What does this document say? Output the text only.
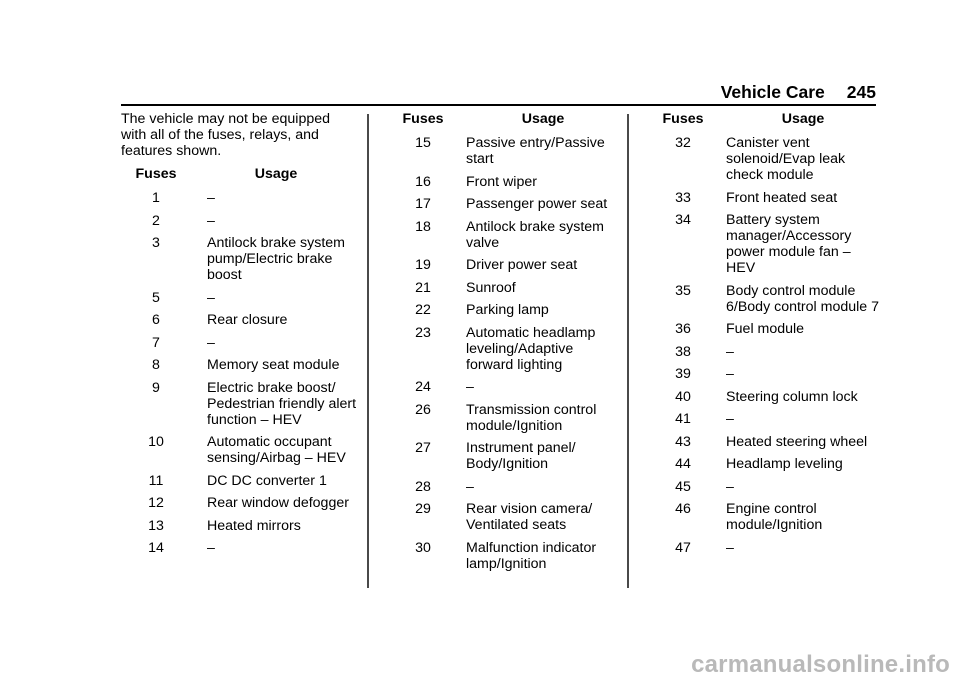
Vehicle Care 245
The vehicle may not be equipped with all of the fuses, relays, and features shown.
Fuses	Usage
1	–
2	–
3	Antilock brake system pump/Electric brake boost
5	–
6	Rear closure
7	–
8	Memory seat module
9	Electric brake boost/ Pedestrian friendly alert function – HEV
10	Automatic occupant sensing/Airbag – HEV
11	DC DC converter 1
12	Rear window defogger
13	Heated mirrors
14	–
Fuses	Usage
15	Passive entry/Passive start
16	Front wiper
17	Passenger power seat
18	Antilock brake system valve
19	Driver power seat
21	Sunroof
22	Parking lamp
23	Automatic headlamp leveling/Adaptive forward lighting
24	–
26	Transmission control module/Ignition
27	Instrument panel/ Body/Ignition
28	–
29	Rear vision camera/ Ventilated seats
30	Malfunction indicator lamp/Ignition
Fuses	Usage
32	Canister vent solenoid/Evap leak check module
33	Front heated seat
34	Battery system manager/Accessory power module fan – HEV
35	Body control module 6/Body control module 7
36	Fuel module
38	–
39	–
40	Steering column lock
41	–
43	Heated steering wheel
44	Headlamp leveling
45	–
46	Engine control module/Ignition
47	–
carmanualsonline.info
